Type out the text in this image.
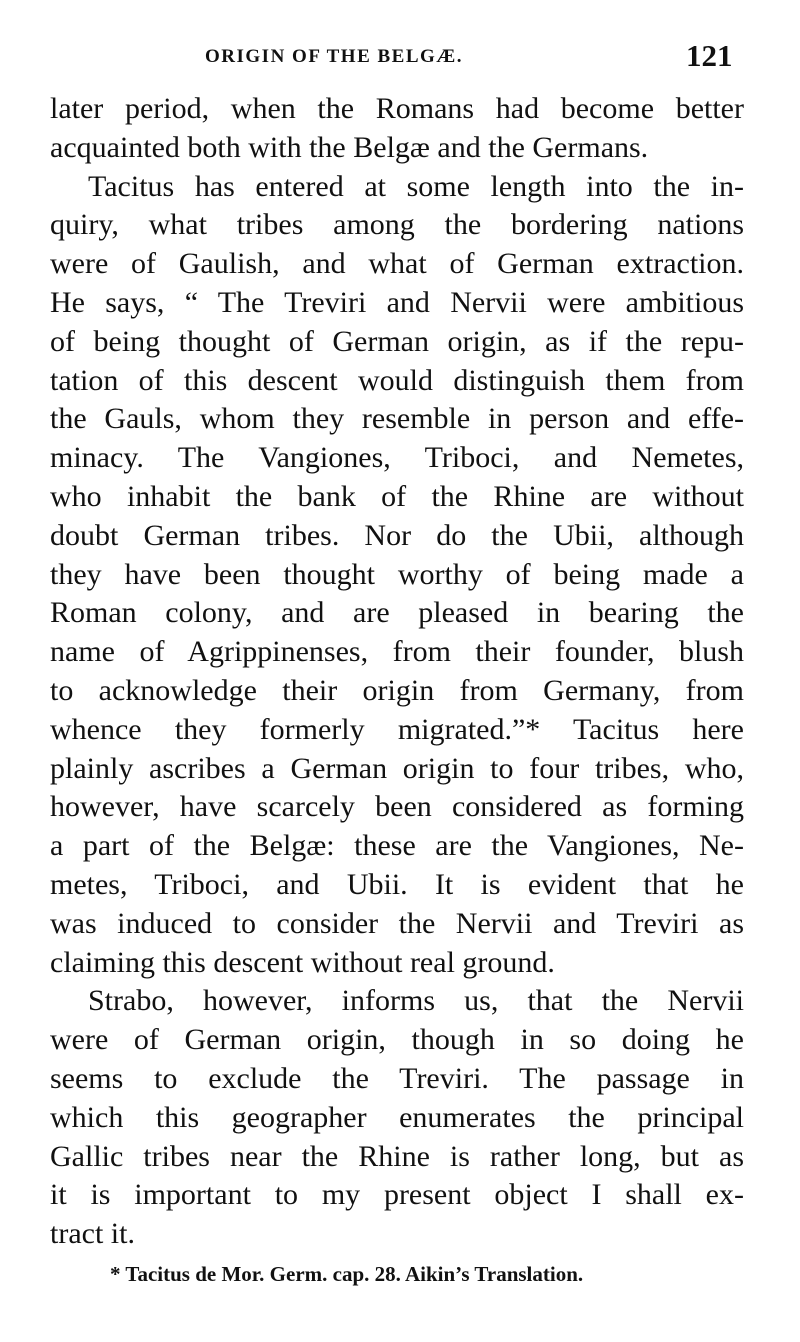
ORIGIN OF THE BELGÆ.	121
later period, when the Romans had become better
acquainted both with the Belgæ and the Germans.
Tacitus has entered at some length into the in-
quiry, what tribes among the bordering nations
were of Gaulish, and what of German extraction.
He says, “ The Treviri and Nervii were ambitious
of being thought of German origin, as if the repu-
tation of this descent would distinguish them from
the Gauls, whom they resemble in person and effe-
minacy. The Vangiones, Triboci, and Nemetes,
who inhabit the bank of the Rhine are without
doubt German tribes. Nor do the Ubii, although
they have been thought worthy of being made a
Roman colony, and are pleased in bearing the
name of Agrippinenses, from their founder, blush
to acknowledge their origin from Germany, from
whence they formerly migrated.”* Tacitus here
plainly ascribes a German origin to four tribes, who,
however, have scarcely been considered as forming
a part of the Belgæ: these are the Vangiones, Ne-
metes, Triboci, and Ubii. It is evident that he
was induced to consider the Nervii and Treviri as
claiming this descent without real ground.
Strabo, however, informs us, that the Nervii
were of German origin, though in so doing he
seems to exclude the Treviri. The passage in
which this geographer enumerates the principal
Gallic tribes near the Rhine is rather long, but as
it is important to my present object I shall ex-
tract it.
* Tacitus de Mor. Germ. cap. 28. Aikin’s Translation.
